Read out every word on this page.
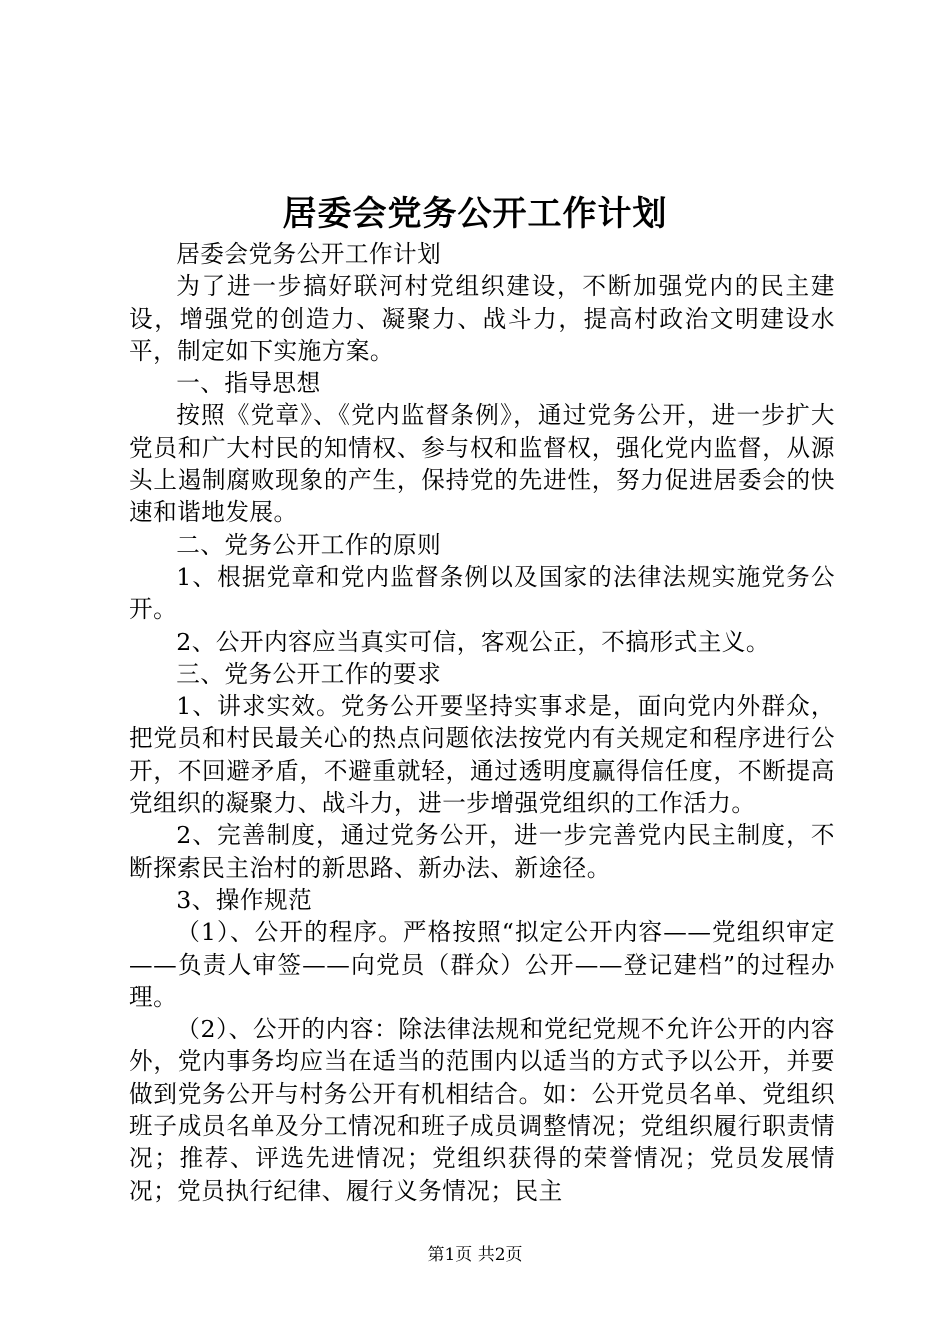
居委会党务公开工作计划

居委会党务公开工作计划

为了进一步搞好联河村党组织建设，不断加强党内的民主建设，增强党的创造力、凝聚力、战斗力，提高村政治文明建设水平，制定如下实施方案。

一、指导思想

按照《党章》、《党内监督条例》，通过党务公开，进一步扩大党员和广大村民的知情权、参与权和监督权，强化党内监督，从源头上遏制腐败现象的产生，保持党的先进性，努力促进居委会的快速和谐地发展。

二、党务公开工作的原则

1、根据党章和党内监督条例以及国家的法律法规实施党务公开。

2、公开内容应当真实可信，客观公正，不搞形式主义。

三、党务公开工作的要求

1、讲求实效。党务公开要坚持实事求是，面向党内外群众，把党员和村民最关心的热点问题依法按党内有关规定和程序进行公开，不回避矛盾，不避重就轻，通过透明度赢得信任度，不断提高党组织的凝聚力、战斗力，进一步增强党组织的工作活力。

2、完善制度，通过党务公开，进一步完善党内民主制度，不断探索民主治村的新思路、新办法、新途径。

3、操作规范

（1）、公开的程序。严格按照“拟定公开内容——党组织审定——负责人审签——向党员（群众）公开——登记建档”的过程办理。

（2）、公开的内容：除法律法规和党纪党规不允许公开的内容外，党内事务均应当在适当的范围内以适当的方式予以公开，并要做到党务公开与村务公开有机相结合。如：公开党员名单、党组织班子成员名单及分工情况和班子成员调整情况；党组织履行职责情况；推荐、评选先进情况；党组织获得的荣誉情况；党员发展情况；党员执行纪律、履行义务情况；民主

第1页 共2页
